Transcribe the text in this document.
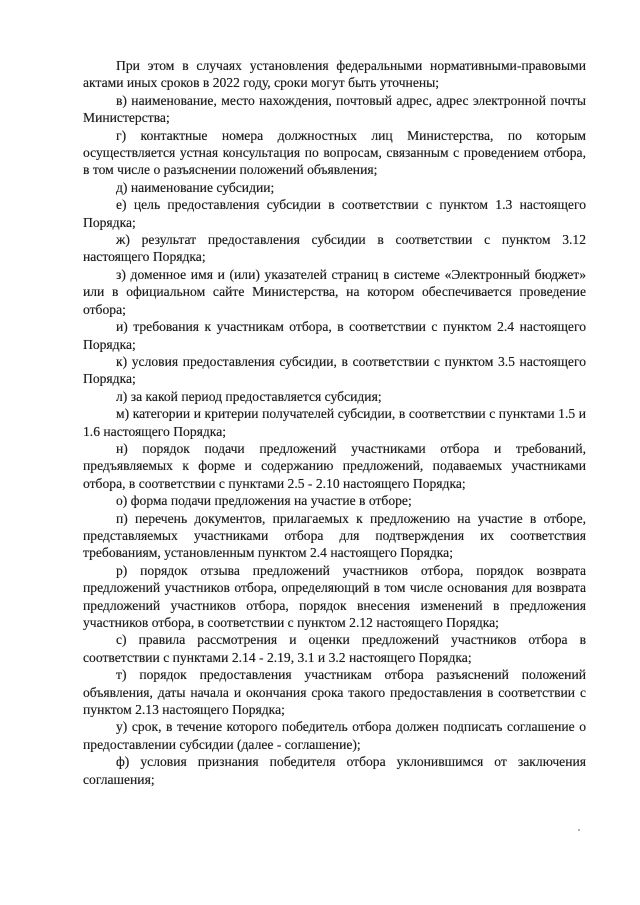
При этом в случаях установления федеральными нормативными-правовыми актами иных сроков в 2022 году, сроки могут быть уточнены;

в) наименование, место нахождения, почтовый адрес, адрес электронной почты Министерства;

г) контактные номера должностных лиц Министерства, по которым осуществляется устная консультация по вопросам, связанным с проведением отбора, в том числе о разъяснении положений объявления;

д) наименование субсидии;

е) цель предоставления субсидии в соответствии с пунктом 1.3 настоящего Порядка;

ж) результат предоставления субсидии в соответствии с пунктом 3.12 настоящего Порядка;

з) доменное имя и (или) указателей страниц в системе «Электронный бюджет» или в официальном сайте Министерства, на котором обеспечивается проведение отбора;

и) требования к участникам отбора, в соответствии с пунктом 2.4 настоящего Порядка;

к) условия предоставления субсидии, в соответствии с пунктом 3.5 настоящего Порядка;

л) за какой период предоставляется субсидия;

м) категории и критерии получателей субсидии, в соответствии с пунктами 1.5 и 1.6 настоящего Порядка;

н) порядок подачи предложений участниками отбора и требований, предъявляемых к форме и содержанию предложений, подаваемых участниками отбора, в соответствии с пунктами 2.5 - 2.10 настоящего Порядка;

о) форма подачи предложения на участие в отборе;

п) перечень документов, прилагаемых к предложению на участие в отборе, представляемых участниками отбора для подтверждения их соответствия требованиям, установленным пунктом 2.4 настоящего Порядка;

р) порядок отзыва предложений участников отбора, порядок возврата предложений участников отбора, определяющий в том числе основания для возврата предложений участников отбора, порядок внесения изменений в предложения участников отбора, в соответствии с пунктом 2.12 настоящего Порядка;

с) правила рассмотрения и оценки предложений участников отбора в соответствии с пунктами 2.14 - 2.19, 3.1 и 3.2 настоящего Порядка;

т) порядок предоставления участникам отбора разъяснений положений объявления, даты начала и окончания срока такого предоставления в соответствии с пунктом 2.13 настоящего Порядка;

у) срок, в течение которого победитель отбора должен подписать соглашение о предоставлении субсидии (далее - соглашение);

ф) условия признания победителя отбора уклонившимся от заключения соглашения;
